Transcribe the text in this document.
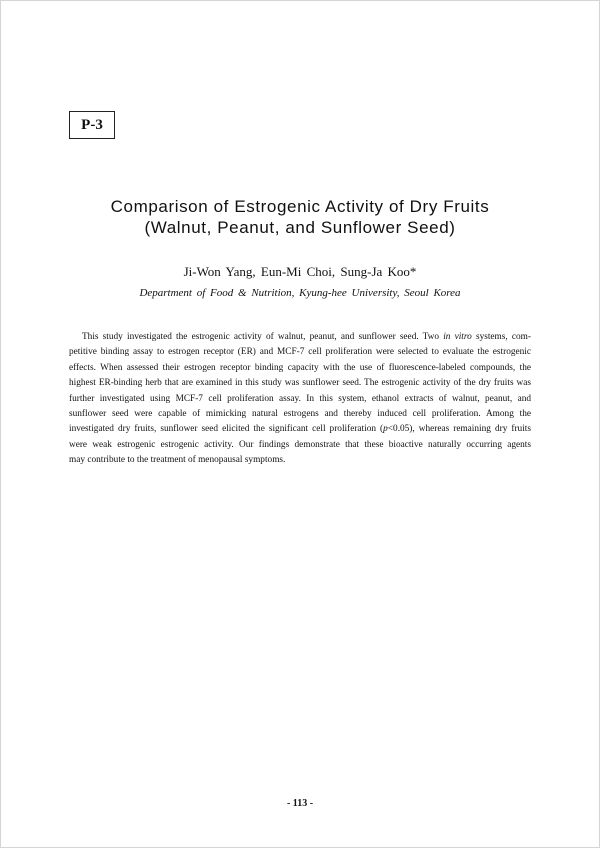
P-3
Comparison of Estrogenic Activity of Dry Fruits
(Walnut, Peanut, and Sunflower Seed)
Ji-Won Yang, Eun-Mi Choi, Sung-Ja Koo*
Department of Food & Nutrition, Kyung-hee University, Seoul Korea
This study investigated the estrogenic activity of walnut, peanut, and sunflower seed. Two in vitro systems, com-
petitive binding assay to estrogen receptor (ER) and MCF-7 cell proliferation were selected to evaluate the estrogenic
effects. When assessed their estrogen receptor binding capacity with the use of fluorescence-labeled compounds, the
highest ER-binding herb that are examined in this study was sunflower seed. The estrogenic activity of the dry fruits was
further investigated using MCF-7 cell proliferation assay. In this system, ethanol extracts of walnut, peanut, and
sunflower seed were capable of mimicking natural estrogens and thereby induced cell proliferation. Among the
investigated dry fruits, sunflower seed elicited the significant cell proliferation (p<0.05), whereas remaining dry fruits
were weak estrogenic estrogenic activity. Our findings demonstrate that these bioactive naturally occurring agents
may contribute to the treatment of menopausal symptoms.
- 113 -
